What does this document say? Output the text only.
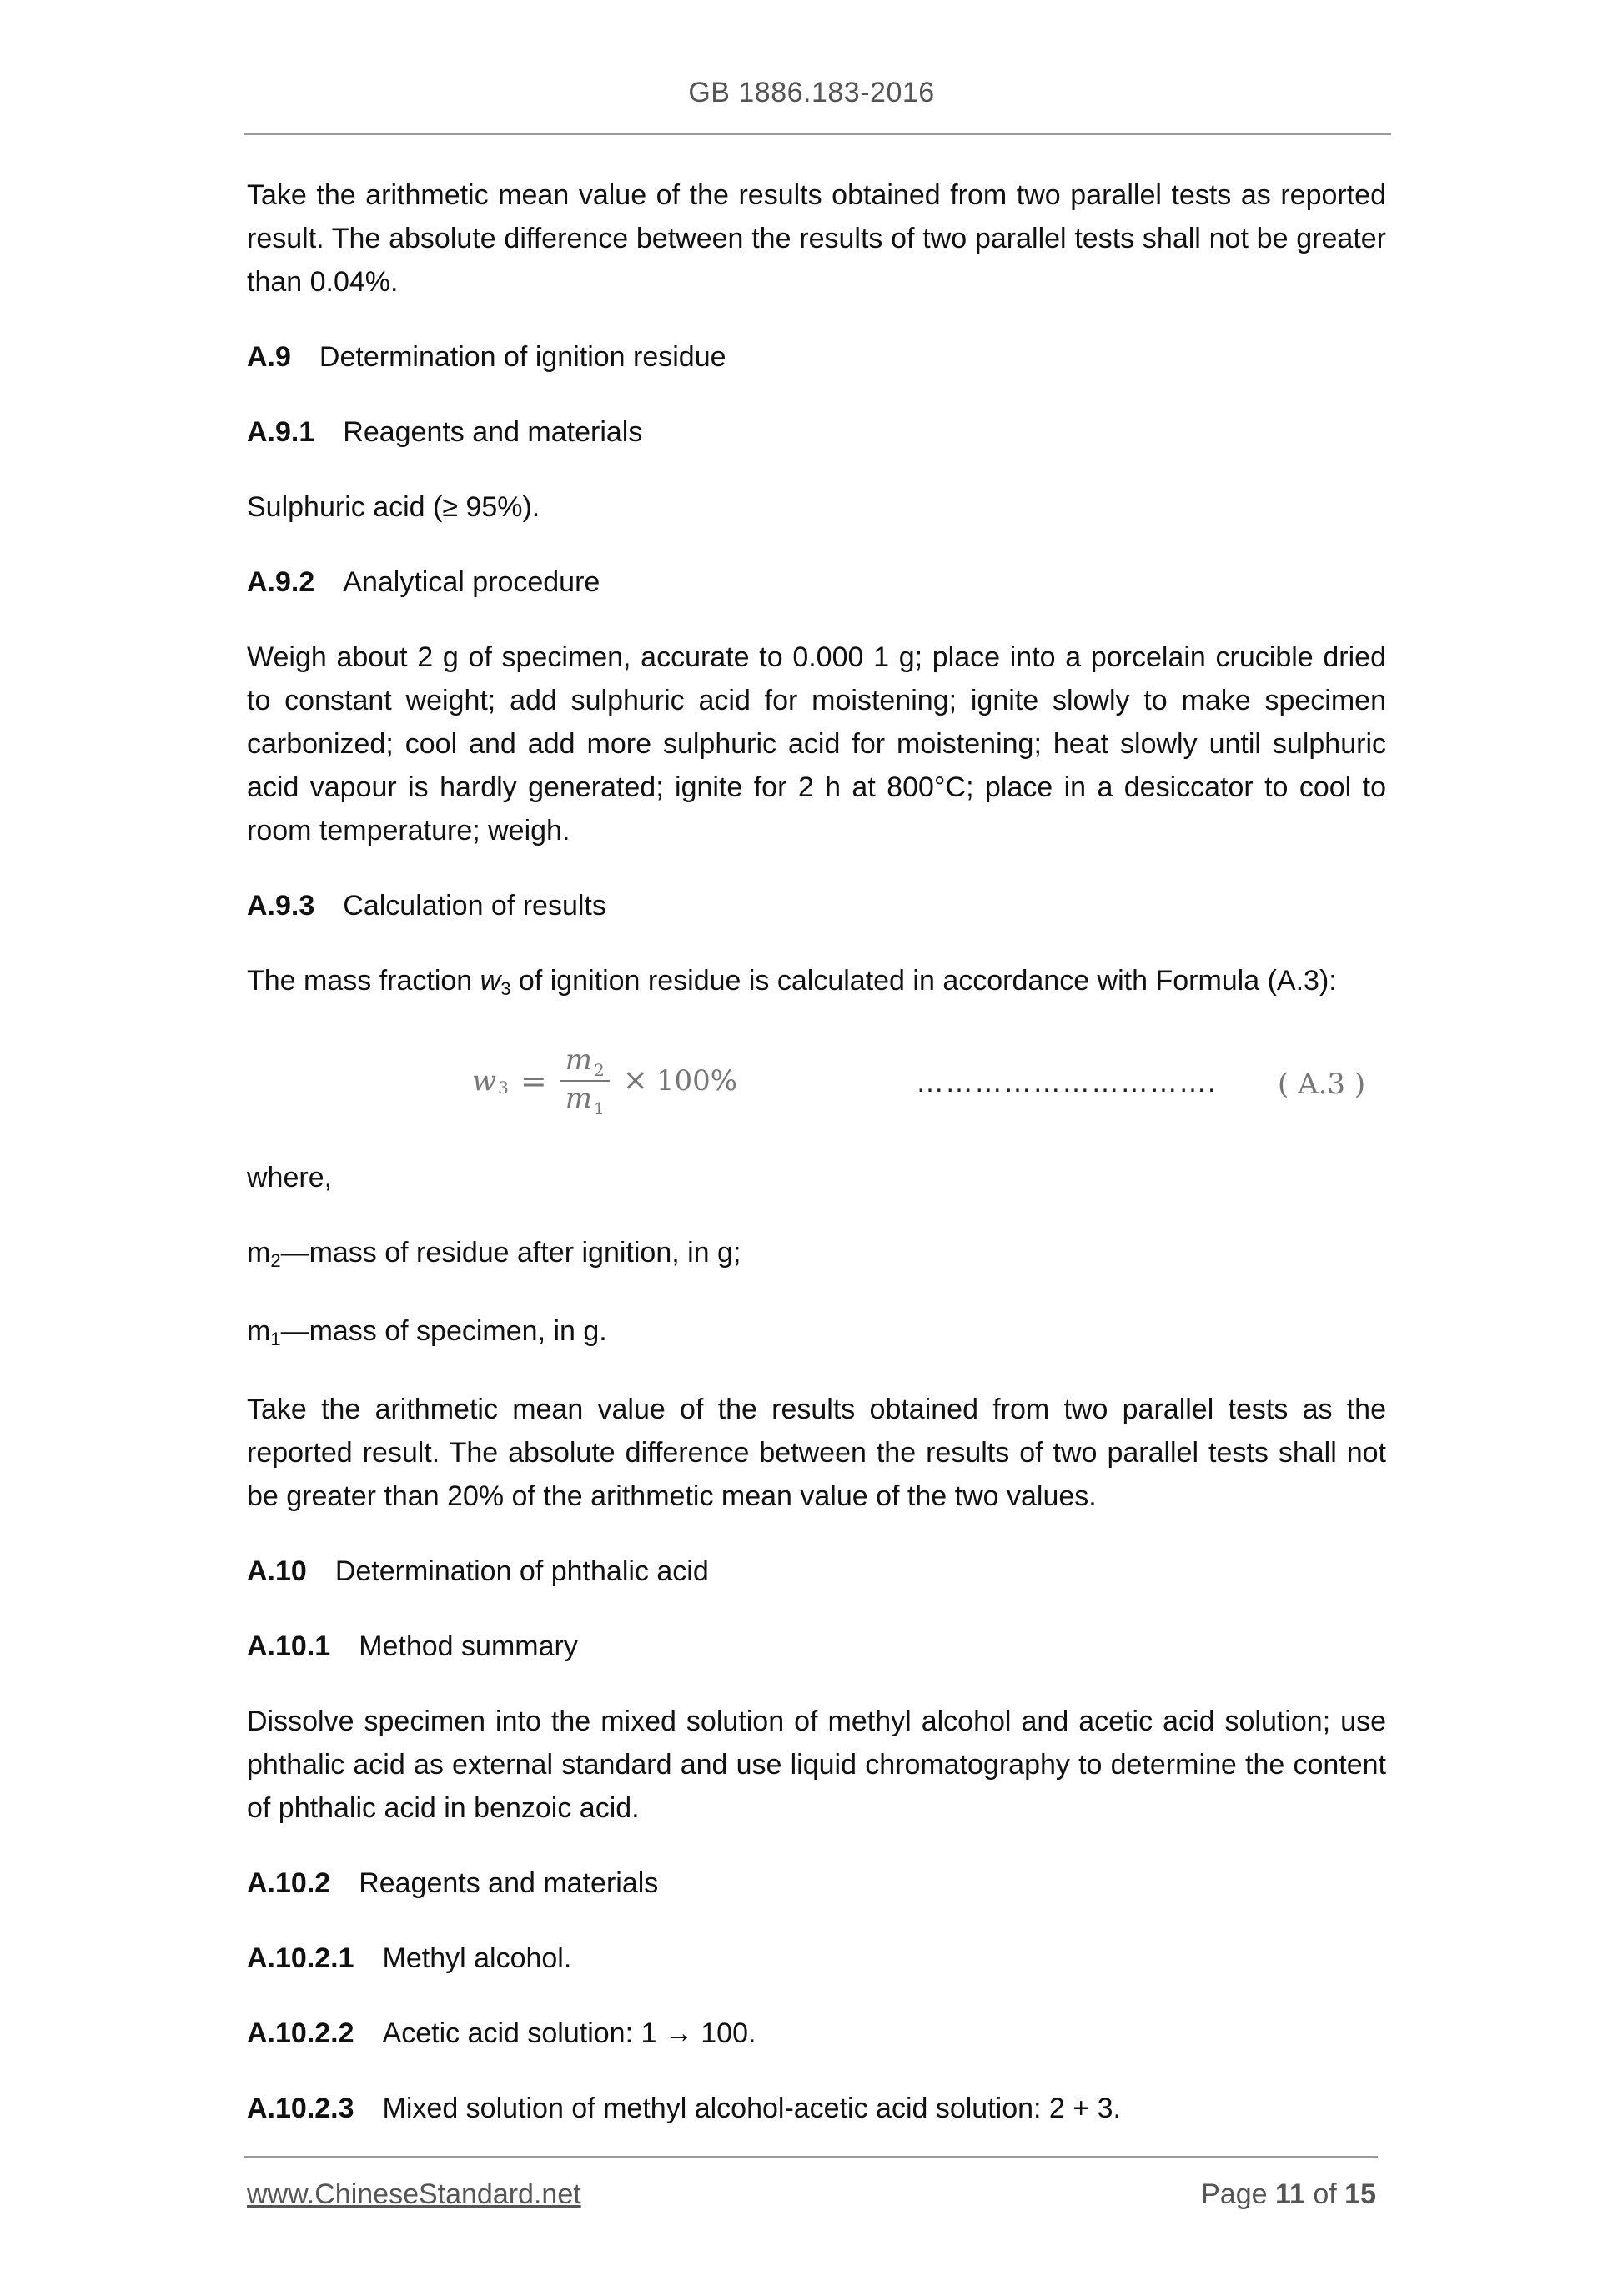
GB 1886.183-2016

Take the arithmetic mean value of the results obtained from two parallel tests as reported result. The absolute difference between the results of two parallel tests shall not be greater than 0.04%.

A.9 Determination of ignition residue
A.9.1 Reagents and materials

Sulphuric acid (≥ 95%).

A.9.2 Analytical procedure

Weigh about 2 g of specimen, accurate to 0.000 1 g; place into a porcelain crucible dried to constant weight; add sulphuric acid for moistening; ignite slowly to make specimen carbonized; cool and add more sulphuric acid for moistening; heat slowly until sulphuric acid vapour is hardly generated; ignite for 2 h at 800°C; place in a desiccator to cool to room temperature; weigh.

A.9.3 Calculation of results

The mass fraction w3 of ignition residue is calculated in accordance with Formula (A.3):

w $3 = \frac{m 2}{m 1} \times 100\%$	…………………………. ( A.3 )

where,

m2—mass of residue after ignition, in g;

m1—mass of specimen, in g.

Take the arithmetic mean value of the results obtained from two parallel tests as the reported result. The absolute difference between the results of two parallel tests shall not be greater than 20% of the arithmetic mean value of the two values.

A.10 Determination of phthalic acid
A.10.1 Method summary

Dissolve specimen into the mixed solution of methyl alcohol and acetic acid solution; use phthalic acid as external standard and use liquid chromatography to determine the content of phthalic acid in benzoic acid.

A.10.2 Reagents and materials
A.10.2.1 Methyl alcohol.
A.10.2.2 Acetic acid solution: 1 → 100.
A.10.2.3 Mixed solution of methyl alcohol-acetic acid solution: 2 + 3.
www.ChineseStandard.net	Page 11 of 15
